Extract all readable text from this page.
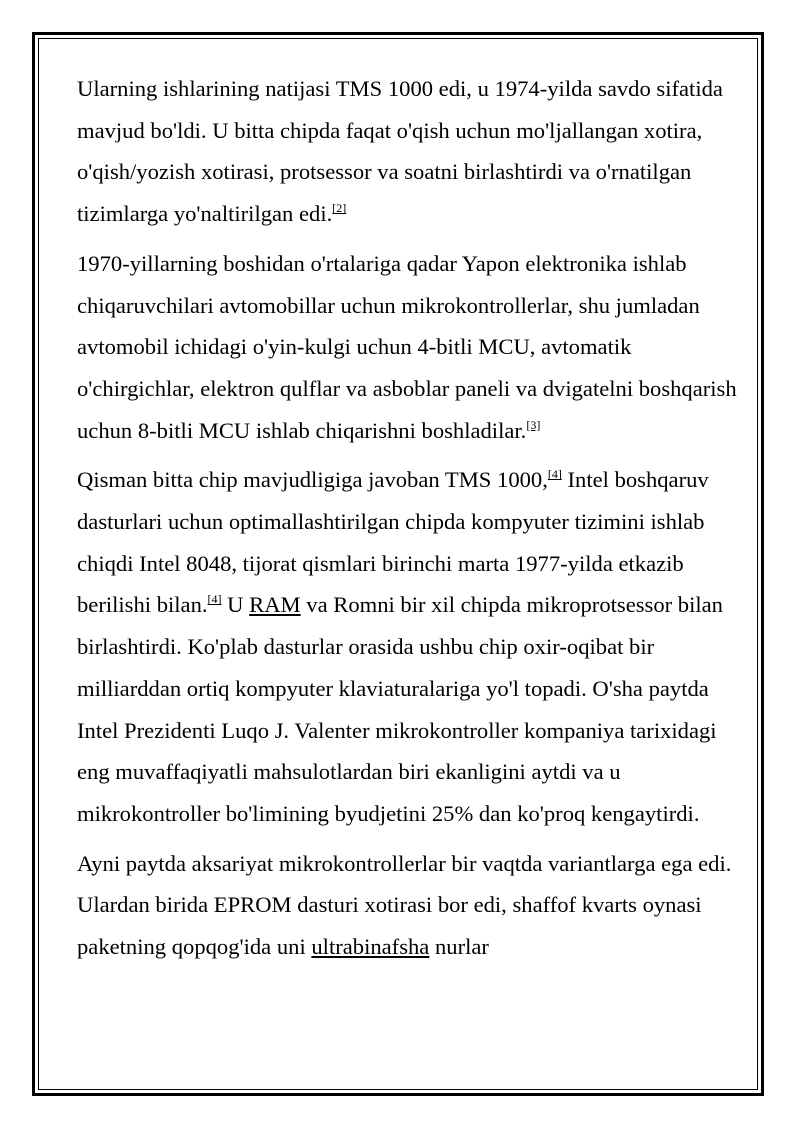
Ularning ishlarining natijasi TMS 1000 edi, u 1974-yilda savdo sifatida mavjud bo'ldi. U bitta chipda faqat o'qish uchun mo'ljallangan xotira, o'qish/yozish xotirasi, protsessor va soatni birlashtirdi va o'rnatilgan tizimlarga yo'naltirilgan edi.[2]

1970-yillarning boshidan o'rtalariga qadar Yapon elektronika ishlab chiqaruvchilari avtomobillar uchun mikrokontrollerlar, shu jumladan avtomobil ichidagi o'yin-kulgi uchun 4-bitli MCU, avtomatik o'chirgichlar, elektron qulflar va asboblar paneli va dvigatelni boshqarish uchun 8-bitli MCU ishlab chiqarishni boshladilar.[3]

Qisman bitta chip mavjudligiga javoban TMS 1000,[4] Intel boshqaruv dasturlari uchun optimallashtirilgan chipda kompyuter tizimini ishlab chiqdi Intel 8048, tijorat qismlari birinchi marta 1977-yilda etkazib berilishi bilan.[4] U RAM va Romni bir xil chipda mikroprotsessor bilan birlashtirdi. Ko'plab dasturlar orasida ushbu chip oxir-oqibat bir milliarddan ortiq kompyuter klaviaturalariga yo'l topadi. O'sha paytda Intel Prezidenti Luqo J. Valenter mikrokontroller kompaniya tarixidagi eng muvaffaqiyatli mahsulotlardan biri ekanligini aytdi va u mikrokontroller bo'limining byudjetini 25% dan ko'proq kengaytirdi.

Ayni paytda aksariyat mikrokontrollerlar bir vaqtda variantlarga ega edi. Ulardan birida EPROM dasturi xotirasi bor edi, shaffof kvarts oynasi paketning qopqog'ida uni ultrabinafsha nurlar
